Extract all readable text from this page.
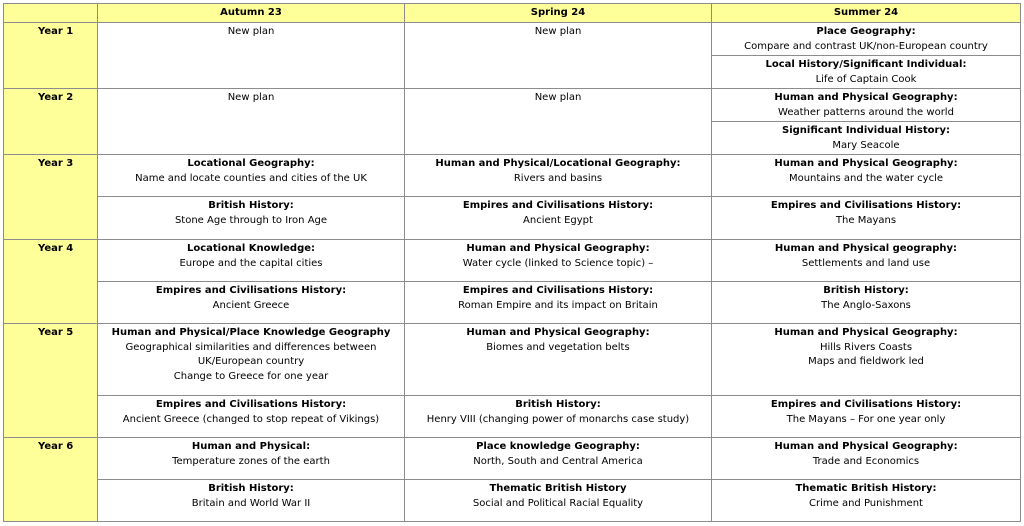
	Autumn 23	Spring 24	Summer 24
Year 1	New plan	New plan	Place Geography:
Compare and contrast UK/non-European country

			Local History/Significant Individual:
Life of Captain Cook

Year 2	New plan	New plan	Human and Physical Geography:
Weather patterns around the world

			Significant Individual History:
Mary Seacole

Year 3	Locational Geography:
Name and locate counties and cities of the UK	Human and Physical/Locational Geography:
Rivers and basins	Human and Physical Geography:
Mountains and the water cycle

	British History:
Stone Age through to Iron Age	Empires and Civilisations History:
Ancient Egypt	Empires and Civilisations History:
The Mayans

Year 4	Locational Knowledge:
Europe and the capital cities	Human and Physical Geography:
Water cycle (linked to Science topic) –	Human and Physical geography:
Settlements and land use

	Empires and Civilisations History:
Ancient Greece	Empires and Civilisations History:
Roman Empire and its impact on Britain	British History:
The Anglo-Saxons

Year 5	Human and Physical/Place Knowledge Geography
Geographical similarities and differences between
UK/European country
Change to Greece for one year	Human and Physical Geography:
Biomes and vegetation belts	Human and Physical Geography:
Hills Rivers Coasts
Maps and fieldwork led

	Empires and Civilisations History:
Ancient Greece (changed to stop repeat of Vikings)	British History:
Henry VIII (changing power of monarchs case study)	Empires and Civilisations History:
The Mayans – For one year only

Year 6	Human and Physical:
Temperature zones of the earth	Place knowledge Geography:
North, South and Central America	Human and Physical Geography:
Trade and Economics

	British History:
Britain and World War II	Thematic British History
Social and Political Racial Equality	Thematic British History:
Crime and Punishment
